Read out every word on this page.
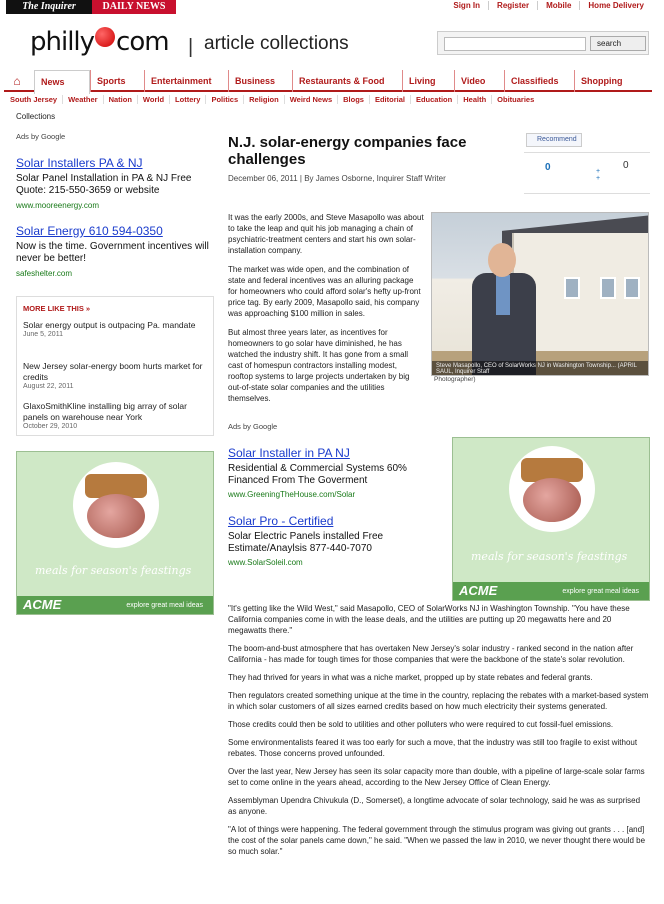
The Inquirer	DAILY NEWS	Sign In	Register	Mobile	Home Delivery
philly com | article collections	search
⌂	News	Sports	Entertainment	Business	Restaurants & Food	Living	Video	Classifieds	Shopping
South Jersey	Weather	Nation	World	Lottery	Politics	Religion	Weird News	Blogs	Editorial	Education	Health	Obituaries
Collections
Ads by Google
Solar Installers PA & NJ
Solar Panel Installation in PA & NJ Free Quote: 215-550-3659 or website
www.mooreenergy.com
Solar Energy 610 594-0350
Now is the time. Government incentives will never be better!
safeshelter.com
MORE LIKE THIS »
Solar energy output is outpacing Pa. mandate
June 5, 2011
New Jersey solar-energy boom hurts market for credits
August 22, 2011
GlaxoSmithKline installing big array of solar panels on warehouse near York
October 29, 2010
meals for season's feastings
ACME	explore great meal ideas
N.J. solar-energy companies face challenges
December 06, 2011 | By James Osborne, Inquirer Staff Writer
Recommend
0	+
+
0

It was the early 2000s, and Steve Masapollo was about to take the leap and quit his job managing a chain of psychiatric-treatment centers and start his own solar-installation company.

The market was wide open, and the combination of state and federal incentives was an alluring package for homeowners who could afford solar's hefty up-front price tag. By early 2009, Masapollo said, his company was approaching $100 million in sales.

But almost three years later, as incentives for homeowners to go solar have diminished, he has watched the industry shift. It has gone from a small cast of homespun contractors installing modest, rooftop systems to large projects undertaken by big out-of-state solar companies and the utilities themselves.

Steve Masapollo, CEO of SolarWorks NJ in Washington Township... (APRIL SAUL, Inquirer Staff
Photographer)
Ads by Google
Solar Installer in PA NJ
Residential & Commercial Systems 60% Financed From The Goverment
www.GreeningTheHouse.com/Solar
Solar Pro - Certified
Solar Electric Panels installed Free Estimate/Anaylsis 877-440-7070
www.SolarSoleil.com	meals for season's feastings
ACME	explore great meal ideas

"It's getting like the Wild West," said Masapollo, CEO of SolarWorks NJ in Washington Township. "You have these California companies come in with the lease deals, and the utilities are putting up 20 megawatts here and 20 megawatts there."

The boom-and-bust atmosphere that has overtaken New Jersey's solar industry - ranked second in the nation after California - has made for tough times for those companies that were the backbone of the state's solar revolution.

They had thrived for years in what was a niche market, propped up by state rebates and federal grants.

Then regulators created something unique at the time in the country, replacing the rebates with a market-based system in which solar customers of all sizes earned credits based on how much electricity their systems generated.

Those credits could then be sold to utilities and other polluters who were required to cut fossil-fuel emissions.

Some environmentalists feared it was too early for such a move, that the industry was still too fragile to exist without rebates. Those concerns proved unfounded.

Over the last year, New Jersey has seen its solar capacity more than double, with a pipeline of large-scale solar farms set to come online in the years ahead, according to the New Jersey Office of Clean Energy.

Assemblyman Upendra Chivukula (D., Somerset), a longtime advocate of solar technology, said he was as surprised as anyone.

"A lot of things were happening. The federal government through the stimulus program was giving out grants . . . [and] the cost of the solar panels came down," he said. "When we passed the law in 2010, we never thought there would be so much solar."
